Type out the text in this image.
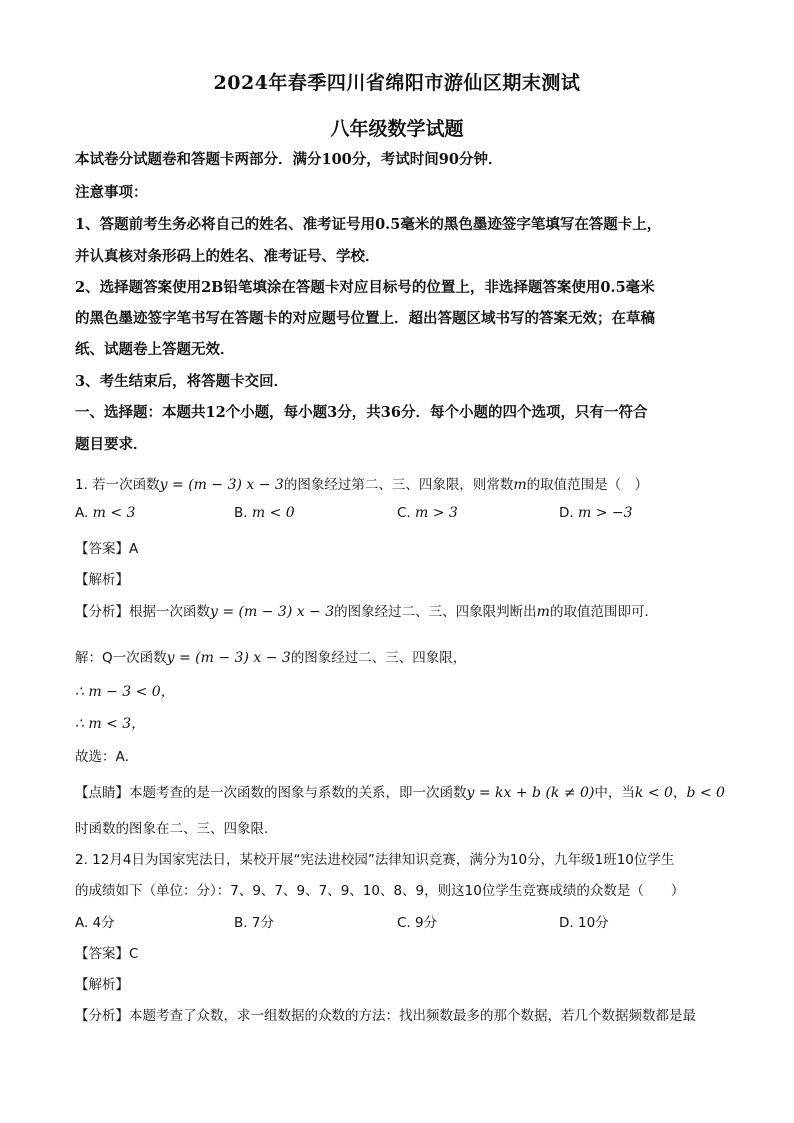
2024年春季四川省绵阳市游仙区期末测试
八年级数学试题
本试卷分试题卷和答题卡两部分．满分100分，考试时间90分钟．
注意事项：
1、答题前考生务必将自己的姓名、准考证号用0.5毫米的黑色墨迹签字笔填写在答题卡上，
并认真核对条形码上的姓名、准考证号、学校．
2、选择题答案使用2B铅笔填涂在答题卡对应目标号的位置上，非选择题答案使用0.5毫米
的黑色墨迹签字笔书写在答题卡的对应题号位置上．超出答题区域书写的答案无效；在草稿
纸、试题卷上答题无效．
3、考生结束后，将答题卡交回．
一、选择题：本题共12个小题，每小题3分，共36分．每个小题的四个选项，只有一符合
题目要求．
1. 若一次函数y = (m − 3) x − 3的图象经过第二、三、四象限，则常数m的取值范围是（　）
A. m < 3	B. m < 0	C. m > 3	D. m > −3
【答案】A
【解析】
【分析】根据一次函数y = (m − 3) x − 3的图象经过二、三、四象限判断出m的取值范围即可．
解：Q一次函数y = (m − 3) x − 3的图象经过二、三、四象限，
∴ m − 3 < 0，
∴ m < 3，
故选：A．
【点睛】本题考查的是一次函数的图象与系数的关系，即一次函数y = kx + b (k ≠ 0)中，当k < 0，b < 0
时函数的图象在二、三、四象限．
2. 12月4日为国家宪法日，某校开展“宪法进校园”法律知识竞赛，满分为10分，九年级1班10位学生
的成绩如下（单位：分）：7、9、7、9、7、9、10、8、9，则这10位学生竞赛成绩的众数是（　　）
A. 4分	B. 7分	C. 9分	D. 10分
【答案】C
【解析】
【分析】本题考查了众数，求一组数据的众数的方法：找出频数最多的那个数据，若几个数据频数都是最
